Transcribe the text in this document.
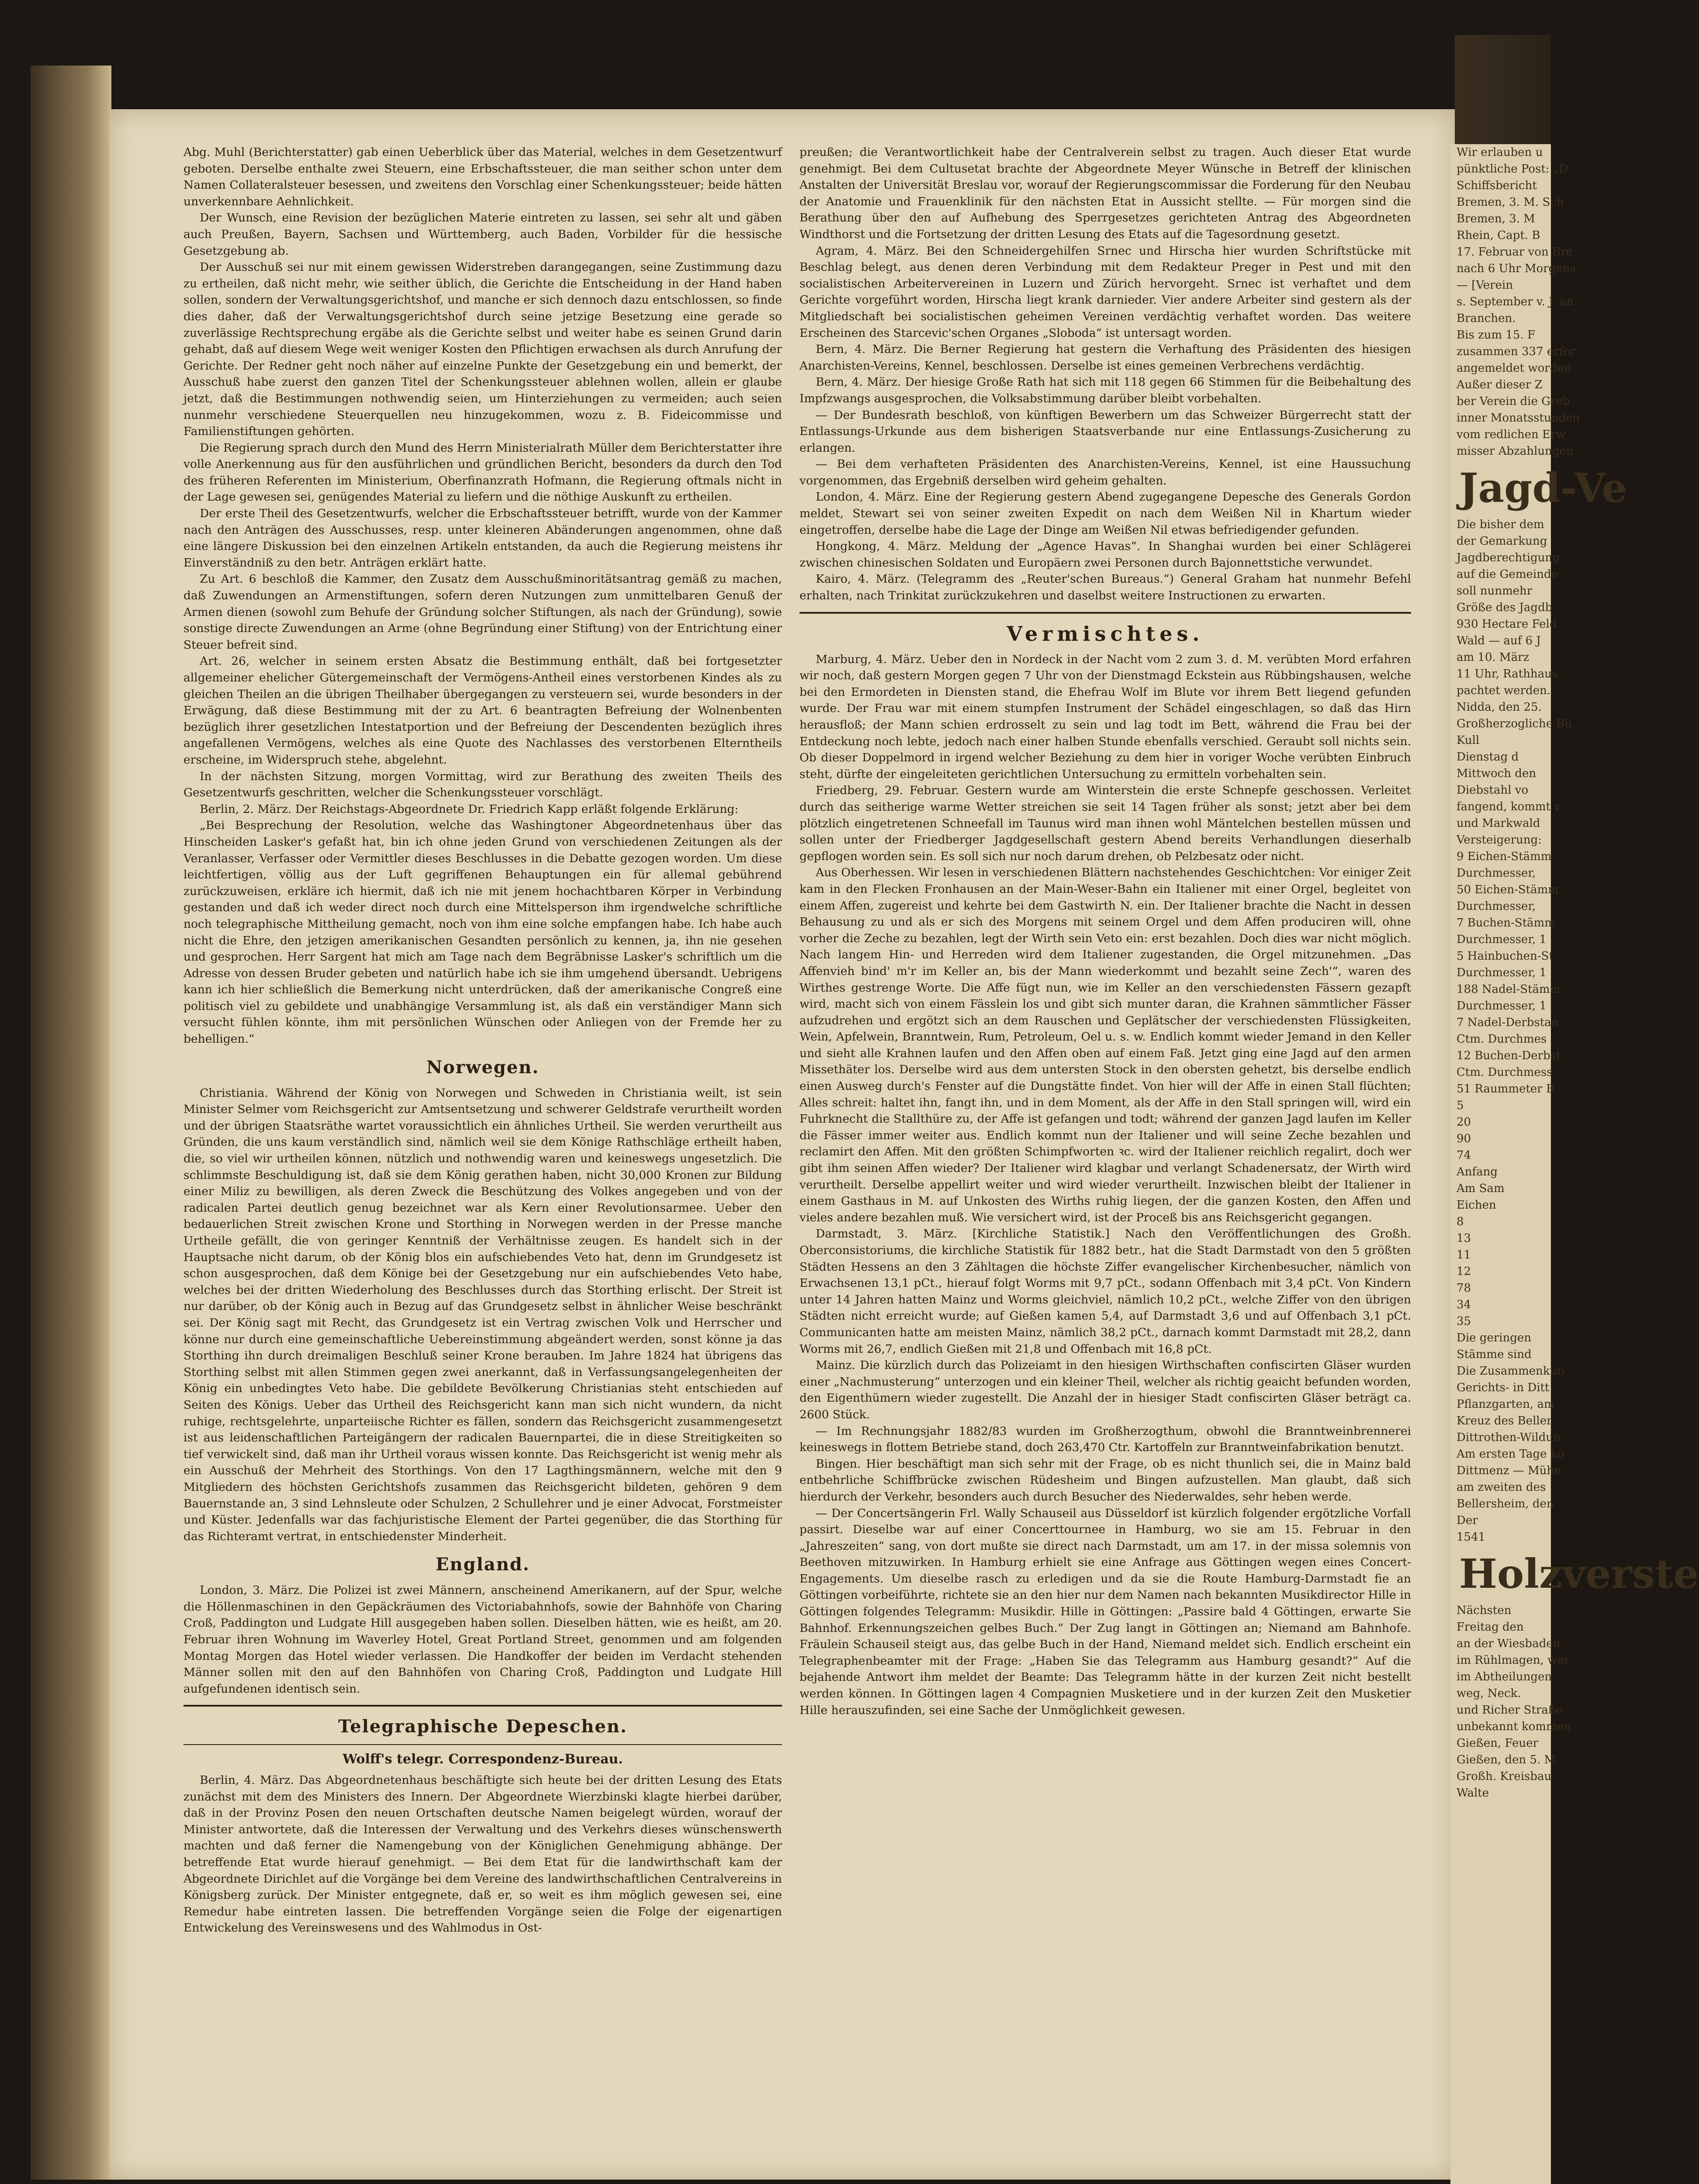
Abg. Muhl (Berichterstatter) gab einen Ueberblick über das Material, welches in dem Gesetzentwurf geboten. Derselbe enthalte zwei Steuern, eine Erbschaftssteuer, die man seither schon unter dem Namen Collateralsteuer besessen, und zweitens den Vorschlag einer Schenkungssteuer; beide hätten unverkennbare Aehnlichkeit.

Der Wunsch, eine Revision der bezüglichen Materie eintreten zu lassen, sei sehr alt und gäben auch Preußen, Bayern, Sachsen und Württemberg, auch Baden, Vorbilder für die hessische Gesetzgebung ab.

Der Ausschuß sei nur mit einem gewissen Widerstreben darangegangen, seine Zustimmung dazu zu ertheilen, daß nicht mehr, wie seither üblich, die Gerichte die Entscheidung in der Hand haben sollen, sondern der Verwaltungsgerichtshof, und manche er sich dennoch dazu entschlossen, so finde dies daher, daß der Verwaltungsgerichtshof durch seine jetzige Besetzung eine gerade so zuverlässige Rechtsprechung ergäbe als die Gerichte selbst und weiter habe es seinen Grund darin gehabt, daß auf diesem Wege weit weniger Kosten den Pflichtigen erwachsen als durch Anrufung der Gerichte. Der Redner geht noch näher auf einzelne Punkte der Gesetzgebung ein und bemerkt, der Ausschuß habe zuerst den ganzen Titel der Schenkungssteuer ablehnen wollen, allein er glaube jetzt, daß die Bestimmungen nothwendig seien, um Hinterziehungen zu vermeiden; auch seien nunmehr verschiedene Steuerquellen neu hinzugekommen, wozu z. B. Fideicommisse und Familienstiftungen gehörten.

Die Regierung sprach durch den Mund des Herrn Ministerialrath Müller dem Berichterstatter ihre volle Anerkennung aus für den ausführlichen und gründlichen Bericht, besonders da durch den Tod des früheren Referenten im Ministerium, Oberfinanzrath Hofmann, die Regierung oftmals nicht in der Lage gewesen sei, genügendes Material zu liefern und die nöthige Auskunft zu ertheilen.

Der erste Theil des Gesetzentwurfs, welcher die Erbschaftssteuer betrifft, wurde von der Kammer nach den Anträgen des Ausschusses, resp. unter kleineren Abänderungen angenommen, ohne daß eine längere Diskussion bei den einzelnen Artikeln entstanden, da auch die Regierung meistens ihr Einverständniß zu den betr. Anträgen erklärt hatte.

Zu Art. 6 beschloß die Kammer, den Zusatz dem Ausschußminoritätsantrag gemäß zu machen, daß Zuwendungen an Armenstiftungen, sofern deren Nutzungen zum unmittelbaren Genuß der Armen dienen (sowohl zum Behufe der Gründung solcher Stiftungen, als nach der Gründung), sowie sonstige directe Zuwendungen an Arme (ohne Begründung einer Stiftung) von der Entrichtung einer Steuer befreit sind.

Art. 26, welcher in seinem ersten Absatz die Bestimmung enthält, daß bei fortgesetzter allgemeiner ehelicher Gütergemeinschaft der Vermögens-Antheil eines verstorbenen Kindes als zu gleichen Theilen an die übrigen Theilhaber übergegangen zu versteuern sei, wurde besonders in der Erwägung, daß diese Bestimmung mit der zu Art. 6 beantragten Befreiung der Wolnenbenten bezüglich ihrer gesetzlichen Intestatportion und der Befreiung der Descendenten bezüglich ihres angefallenen Vermögens, welches als eine Quote des Nachlasses des verstorbenen Elterntheils erscheine, im Widerspruch stehe, abgelehnt.

In der nächsten Sitzung, morgen Vormittag, wird zur Berathung des zweiten Theils des Gesetzentwurfs geschritten, welcher die Schenkungssteuer vorschlägt.

Berlin, 2. März. Der Reichstags-Abgeordnete Dr. Friedrich Kapp erläßt folgende Erklärung:

„Bei Besprechung der Resolution, welche das Washingtoner Abgeordnetenhaus über das Hinscheiden Lasker's gefaßt hat, bin ich ohne jeden Grund von verschiedenen Zeitungen als der Veranlasser, Verfasser oder Vermittler dieses Beschlusses in die Debatte gezogen worden. Um diese leichtfertigen, völlig aus der Luft gegriffenen Behauptungen ein für allemal gebührend zurückzuweisen, erkläre ich hiermit, daß ich nie mit jenem hochachtbaren Körper in Verbindung gestanden und daß ich weder direct noch durch eine Mittelsperson ihm irgendwelche schriftliche noch telegraphische Mittheilung gemacht, noch von ihm eine solche empfangen habe. Ich habe auch nicht die Ehre, den jetzigen amerikanischen Gesandten persönlich zu kennen, ja, ihn nie gesehen und gesprochen. Herr Sargent hat mich am Tage nach dem Begräbnisse Lasker's schriftlich um die Adresse von dessen Bruder gebeten und natürlich habe ich sie ihm umgehend übersandt. Uebrigens kann ich hier schließlich die Bemerkung nicht unterdrücken, daß der amerikanische Congreß eine politisch viel zu gebildete und unabhängige Versammlung ist, als daß ein verständiger Mann sich versucht fühlen könnte, ihm mit persönlichen Wünschen oder Anliegen von der Fremde her zu behelligen.“

Norwegen.

Christiania. Während der König von Norwegen und Schweden in Christiania weilt, ist sein Minister Selmer vom Reichsgericht zur Amtsentsetzung und schwerer Geldstrafe verurtheilt worden und der übrigen Staatsräthe wartet voraussichtlich ein ähnliches Urtheil. Sie werden verurtheilt aus Gründen, die uns kaum verständlich sind, nämlich weil sie dem Könige Rathschläge ertheilt haben, die, so viel wir urtheilen können, nützlich und nothwendig waren und keineswegs ungesetzlich. Die schlimmste Beschuldigung ist, daß sie dem König gerathen haben, nicht 30,000 Kronen zur Bildung einer Miliz zu bewilligen, als deren Zweck die Beschützung des Volkes angegeben und von der radicalen Partei deutlich genug bezeichnet war als Kern einer Revolutionsarmee. Ueber den bedauerlichen Streit zwischen Krone und Storthing in Norwegen werden in der Presse manche Urtheile gefällt, die von geringer Kenntniß der Verhältnisse zeugen. Es handelt sich in der Hauptsache nicht darum, ob der König blos ein aufschiebendes Veto hat, denn im Grundgesetz ist schon ausgesprochen, daß dem Könige bei der Gesetzgebung nur ein aufschiebendes Veto habe, welches bei der dritten Wiederholung des Beschlusses durch das Storthing erlischt. Der Streit ist nur darüber, ob der König auch in Bezug auf das Grundgesetz selbst in ähnlicher Weise beschränkt sei. Der König sagt mit Recht, das Grundgesetz ist ein Vertrag zwischen Volk und Herrscher und könne nur durch eine gemeinschaftliche Uebereinstimmung abgeändert werden, sonst könne ja das Storthing ihn durch dreimaligen Beschluß seiner Krone berauben. Im Jahre 1824 hat übrigens das Storthing selbst mit allen Stimmen gegen zwei anerkannt, daß in Verfassungsangelegenheiten der König ein unbedingtes Veto habe. Die gebildete Bevölkerung Christianias steht entschieden auf Seiten des Königs. Ueber das Urtheil des Reichsgericht kann man sich nicht wundern, da nicht ruhige, rechtsgelehrte, unparteiische Richter es fällen, sondern das Reichsgericht zusammengesetzt ist aus leidenschaftlichen Parteigängern der radicalen Bauernpartei, die in diese Streitigkeiten so tief verwickelt sind, daß man ihr Urtheil voraus wissen konnte. Das Reichsgericht ist wenig mehr als ein Ausschuß der Mehrheit des Storthings. Von den 17 Lagthingsmännern, welche mit den 9 Mitgliedern des höchsten Gerichtshofs zusammen das Reichsgericht bildeten, gehören 9 dem Bauernstande an, 3 sind Lehnsleute oder Schulzen, 2 Schullehrer und je einer Advocat, Forstmeister und Küster. Jedenfalls war das fachjuristische Element der Partei gegenüber, die das Storthing für das Richteramt vertrat, in entschiedenster Minderheit.

England.

London, 3. März. Die Polizei ist zwei Männern, anscheinend Amerikanern, auf der Spur, welche die Höllenmaschinen in den Gepäckräumen des Victoriabahnhofs, sowie der Bahnhöfe von Charing Croß, Paddington und Ludgate Hill ausgegeben haben sollen. Dieselben hätten, wie es heißt, am 20. Februar ihren Wohnung im Waverley Hotel, Great Portland Street, genommen und am folgenden Montag Morgen das Hotel wieder verlassen. Die Handkoffer der beiden im Verdacht stehenden Männer sollen mit den auf den Bahnhöfen von Charing Croß, Paddington und Ludgate Hill aufgefundenen identisch sein.

Telegraphische Depeschen.
Wolff's telegr. Correspondenz-Bureau.

Berlin, 4. März. Das Abgeordnetenhaus beschäftigte sich heute bei der dritten Lesung des Etats zunächst mit dem des Ministers des Innern. Der Abgeordnete Wierzbinski klagte hierbei darüber, daß in der Provinz Posen den neuen Ortschaften deutsche Namen beigelegt würden, worauf der Minister antwortete, daß die Interessen der Verwaltung und des Verkehrs dieses wünschenswerth machten und daß ferner die Namengebung von der Königlichen Genehmigung abhänge. Der betreffende Etat wurde hierauf genehmigt. — Bei dem Etat für die landwirthschaft kam der Abgeordnete Dirichlet auf die Vorgänge bei dem Vereine des landwirthschaftlichen Centralvereins in Königsberg zurück. Der Minister entgegnete, daß er, so weit es ihm möglich gewesen sei, eine Remedur habe eintreten lassen. Die betreffenden Vorgänge seien die Folge der eigenartigen Entwickelung des Vereinswesens und des Wahlmodus in Ost-

preußen; die Verantwortlichkeit habe der Centralverein selbst zu tragen. Auch dieser Etat wurde genehmigt. Bei dem Cultusetat brachte der Abgeordnete Meyer Wünsche in Betreff der klinischen Anstalten der Universität Breslau vor, worauf der Regierungscommissar die Forderung für den Neubau der Anatomie und Frauenklinik für den nächsten Etat in Aussicht stellte. — Für morgen sind die Berathung über den auf Aufhebung des Sperrgesetzes gerichteten Antrag des Abgeordneten Windthorst und die Fortsetzung der dritten Lesung des Etats auf die Tagesordnung gesetzt.

Agram, 4. März. Bei den Schneidergehilfen Srnec und Hirscha hier wurden Schriftstücke mit Beschlag belegt, aus denen deren Verbindung mit dem Redakteur Preger in Pest und mit den socialistischen Arbeitervereinen in Luzern und Zürich hervorgeht. Srnec ist verhaftet und dem Gerichte vorgeführt worden, Hirscha liegt krank darnieder. Vier andere Arbeiter sind gestern als der Mitgliedschaft bei socialistischen geheimen Vereinen verdächtig verhaftet worden. Das weitere Erscheinen des Starcevic'schen Organes „Sloboda“ ist untersagt worden.

Bern, 4. März. Die Berner Regierung hat gestern die Verhaftung des Präsidenten des hiesigen Anarchisten-Vereins, Kennel, beschlossen. Derselbe ist eines gemeinen Verbrechens verdächtig.

Bern, 4. März. Der hiesige Große Rath hat sich mit 118 gegen 66 Stimmen für die Beibehaltung des Impfzwangs ausgesprochen, die Volksabstimmung darüber bleibt vorbehalten.

— Der Bundesrath beschloß, von künftigen Bewerbern um das Schweizer Bürgerrecht statt der Entlassungs-Urkunde aus dem bisherigen Staatsverbande nur eine Entlassungs-Zusicherung zu erlangen.

— Bei dem verhafteten Präsidenten des Anarchisten-Vereins, Kennel, ist eine Haussuchung vorgenommen, das Ergebniß derselben wird geheim gehalten.

London, 4. März. Eine der Regierung gestern Abend zugegangene Depesche des Generals Gordon meldet, Stewart sei von seiner zweiten Expedit on nach dem Weißen Nil in Khartum wieder eingetroffen, derselbe habe die Lage der Dinge am Weißen Nil etwas befriedigender gefunden.

Hongkong, 4. März. Meldung der „Agence Havas“. In Shanghai wurden bei einer Schlägerei zwischen chinesischen Soldaten und Europäern zwei Personen durch Bajonnettstiche verwundet.

Kairo, 4. März. (Telegramm des „Reuter'schen Bureaus.“) General Graham hat nunmehr Befehl erhalten, nach Trinkitat zurückzukehren und daselbst weitere Instructionen zu erwarten.

Vermischtes.

Marburg, 4. März. Ueber den in Nordeck in der Nacht vom 2 zum 3. d. M. verübten Mord erfahren wir noch, daß gestern Morgen gegen 7 Uhr von der Dienstmagd Eckstein aus Rübbingshausen, welche bei den Ermordeten in Diensten stand, die Ehefrau Wolf im Blute vor ihrem Bett liegend gefunden wurde. Der Frau war mit einem stumpfen Instrument der Schädel eingeschlagen, so daß das Hirn herausfloß; der Mann schien erdrosselt zu sein und lag todt im Bett, während die Frau bei der Entdeckung noch lebte, jedoch nach einer halben Stunde ebenfalls verschied. Geraubt soll nichts sein. Ob dieser Doppelmord in irgend welcher Beziehung zu dem hier in voriger Woche verübten Einbruch steht, dürfte der eingeleiteten gerichtlichen Untersuchung zu ermitteln vorbehalten sein.

Friedberg, 29. Februar. Gestern wurde am Winterstein die erste Schnepfe geschossen. Verleitet durch das seitherige warme Wetter streichen sie seit 14 Tagen früher als sonst; jetzt aber bei dem plötzlich eingetretenen Schneefall im Taunus wird man ihnen wohl Mäntelchen bestellen müssen und sollen unter der Friedberger Jagdgesellschaft gestern Abend bereits Verhandlungen dieserhalb gepflogen worden sein. Es soll sich nur noch darum drehen, ob Pelzbesatz oder nicht.

Aus Oberhessen. Wir lesen in verschiedenen Blättern nachstehendes Geschichtchen: Vor einiger Zeit kam in den Flecken Fronhausen an der Main-Weser-Bahn ein Italiener mit einer Orgel, begleitet von einem Affen, zugereist und kehrte bei dem Gastwirth N. ein. Der Italiener brachte die Nacht in dessen Behausung zu und als er sich des Morgens mit seinem Orgel und dem Affen produciren will, ohne vorher die Zeche zu bezahlen, legt der Wirth sein Veto ein: erst bezahlen. Doch dies war nicht möglich. Nach langem Hin- und Herreden wird dem Italiener zugestanden, die Orgel mitzunehmen. „Das Affenvieh bind' m'r im Keller an, bis der Mann wiederkommt und bezahlt seine Zech'“, waren des Wirthes gestrenge Worte. Die Affe fügt nun, wie im Keller an den verschiedensten Fässern gezapft wird, macht sich von einem Fässlein los und gibt sich munter daran, die Krahnen sämmtlicher Fässer aufzudrehen und ergötzt sich an dem Rauschen und Geplätscher der verschiedensten Flüssigkeiten, Wein, Apfelwein, Branntwein, Rum, Petroleum, Oel u. s. w. Endlich kommt wieder Jemand in den Keller und sieht alle Krahnen laufen und den Affen oben auf einem Faß. Jetzt ging eine Jagd auf den armen Missethäter los. Derselbe wird aus dem untersten Stock in den obersten gehetzt, bis derselbe endlich einen Ausweg durch's Fenster auf die Dungstätte findet. Von hier will der Affe in einen Stall flüchten; Alles schreit: haltet ihn, fangt ihn, und in dem Moment, als der Affe in den Stall springen will, wird ein Fuhrknecht die Stallthüre zu, der Affe ist gefangen und todt; während der ganzen Jagd laufen im Keller die Fässer immer weiter aus. Endlich kommt nun der Italiener und will seine Zeche bezahlen und reclamirt den Affen. Mit den größten Schimpfworten ꝛc. wird der Italiener reichlich regalirt, doch wer gibt ihm seinen Affen wieder? Der Italiener wird klagbar und verlangt Schadenersatz, der Wirth wird verurtheilt. Derselbe appellirt weiter und wird wieder verurtheilt. Inzwischen bleibt der Italiener in einem Gasthaus in M. auf Unkosten des Wirths ruhig liegen, der die ganzen Kosten, den Affen und vieles andere bezahlen muß. Wie versichert wird, ist der Proceß bis ans Reichsgericht gegangen.

Darmstadt, 3. März. [Kirchliche Statistik.] Nach den Veröffentlichungen des Großh. Oberconsistoriums, die kirchliche Statistik für 1882 betr., hat die Stadt Darmstadt von den 5 größten Städten Hessens an den 3 Zähltagen die höchste Ziffer evangelischer Kirchenbesucher, nämlich von Erwachsenen 13,1 pCt., hierauf folgt Worms mit 9,7 pCt., sodann Offenbach mit 3,4 pCt. Von Kindern unter 14 Jahren hatten Mainz und Worms gleichviel, nämlich 10,2 pCt., welche Ziffer von den übrigen Städten nicht erreicht wurde; auf Gießen kamen 5,4, auf Darmstadt 3,6 und auf Offenbach 3,1 pCt. Communicanten hatte am meisten Mainz, nämlich 38,2 pCt., darnach kommt Darmstadt mit 28,2, dann Worms mit 26,7, endlich Gießen mit 21,8 und Offenbach mit 16,8 pCt.

Mainz. Die kürzlich durch das Polizeiamt in den hiesigen Wirthschaften confiscirten Gläser wurden einer „Nachmusterung“ unterzogen und ein kleiner Theil, welcher als richtig geaicht befunden worden, den Eigenthümern wieder zugestellt. Die Anzahl der in hiesiger Stadt confiscirten Gläser beträgt ca. 2600 Stück.

— Im Rechnungsjahr 1882/83 wurden im Großherzogthum, obwohl die Branntweinbrennerei keineswegs in flottem Betriebe stand, doch 263,470 Ctr. Kartoffeln zur Branntweinfabrikation benutzt.

Bingen. Hier beschäftigt man sich sehr mit der Frage, ob es nicht thunlich sei, die in Mainz bald entbehrliche Schiffbrücke zwischen Rüdesheim und Bingen aufzustellen. Man glaubt, daß sich hierdurch der Verkehr, besonders auch durch Besucher des Niederwaldes, sehr heben werde.

— Der Concertsängerin Frl. Wally Schauseil aus Düsseldorf ist kürzlich folgender ergötzliche Vorfall passirt. Dieselbe war auf einer Concerttournee in Hamburg, wo sie am 15. Februar in den „Jahreszeiten“ sang, von dort mußte sie direct nach Darmstadt, um am 17. in der missa solemnis von Beethoven mitzuwirken. In Hamburg erhielt sie eine Anfrage aus Göttingen wegen eines Concert-Engagements. Um dieselbe rasch zu erledigen und da sie die Route Hamburg-Darmstadt fie an Göttingen vorbeiführte, richtete sie an den hier nur dem Namen nach bekannten Musikdirector Hille in Göttingen folgendes Telegramm: Musikdir. Hille in Göttingen: „Passire bald 4 Göttingen, erwarte Sie Bahnhof. Erkennungszeichen gelbes Buch.“ Der Zug langt in Göttingen an; Niemand am Bahnhofe. Fräulein Schauseil steigt aus, das gelbe Buch in der Hand, Niemand meldet sich. Endlich erscheint ein Telegraphenbeamter mit der Frage: „Haben Sie das Telegramm aus Hamburg gesandt?“ Auf die bejahende Antwort ihm meldet der Beamte: Das Telegramm hätte in der kurzen Zeit nicht bestellt werden können. In Göttingen lagen 4 Compagnien Musketiere und in der kurzen Zeit den Musketier Hille herauszufinden, sei eine Sache der Unmöglichkeit gewesen.

Wir erlauben u
pünktliche Post: „D
Schiffsbericht
Bremen, 3. M. Sch
Bremen, 3. M
Rhein, Capt. B
17. Februar von Bre
nach 6 Uhr Morgens
— [Verein
s. September v. J. an
Branchen.
Bis zum 15. F
zusammen 337 erfor
angemeldet worden
Außer dieser Z
ber Verein die Greb
inner Monatsstunden
vom redlichen Erw
misser Abzahlungen
Jagd-Ve
Die bisher dem
der Gemarkung
Jagdberechtigung
auf die Gemeinde
soll nunmehr
Größe des Jagdb
930 Hectare Feld
Wald — auf 6 J
am 10. März
11 Uhr, Rathhaus
pachtet werden.
Nidda, den 25.
Großherzogliche Bü
Kull
Dienstag d
Mittwoch den
Diebstahl vo
fangend, kommt v
und Markwald
Versteigerung:
9 Eichen-Stämm
Durchmesser,
50 Eichen-Stämm
Durchmesser,
7 Buchen-Stämm
Durchmesser, 1
5 Hainbuchen-St
Durchmesser, 1
188 Nadel-Stämm
Durchmesser, 1
7 Nadel-Derbstan
Ctm. Durchmes
12 Buchen-Derbst
Ctm. Durchmess
51 Raummeter B
5
20
90
74
Anfang
Am Sam
Eichen
8
13
11
12
78
34
35
Die geringen
Stämme sind
Die Zusammenkun
Gerichts- in Ditt
Pflanzgarten, am
Kreuz des Beller
Dittrothen-Wildun
Am ersten Tage ko
Dittmenz — Mühe
am zweiten des
Bellersheim, den
Der
1541
Holzverste
Nächsten
Freitag den
an der Wiesbaden
im Rühlmagen, wer
im Abtheilungen
weg, Neck.
und Richer Straße
unbekannt kommen
Gießen, Feuer
Gießen, den 5. M
Großh. Kreisbau
Walte
